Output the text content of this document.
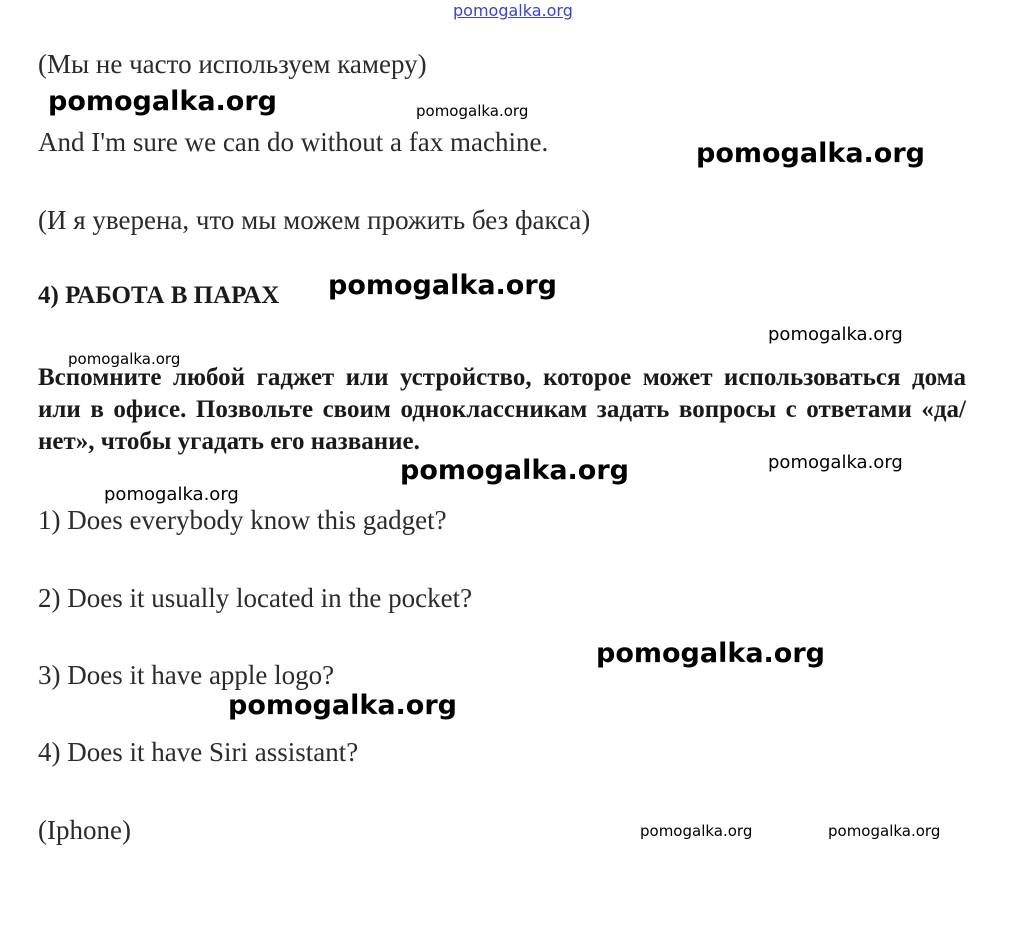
pomogalka.org
(Мы не часто используем камеру)
And I'm sure we can do without a fax machine.
(И я уверена, что мы можем прожить без факса)
4) РАБОТА В ПАРАХ
Вспомните любой гаджет или устройство, которое может использоваться дома или в офисе. Позвольте своим одноклассникам задать вопросы с ответами «да/нет», чтобы угадать его название.
1) Does everybody know this gadget?
2) Does it usually located in the pocket?
3) Does it have apple logo?
4) Does it have Siri assistant?
(Iphone)
pomogalka.org	pomogalka.org
pomogalka.org
pomogalka.org
pomogalka.org
pomogalka.org
pomogalka.org	pomogalka.org
pomogalka.org
pomogalka.org
pomogalka.org
pomogalka.org	pomogalka.org
